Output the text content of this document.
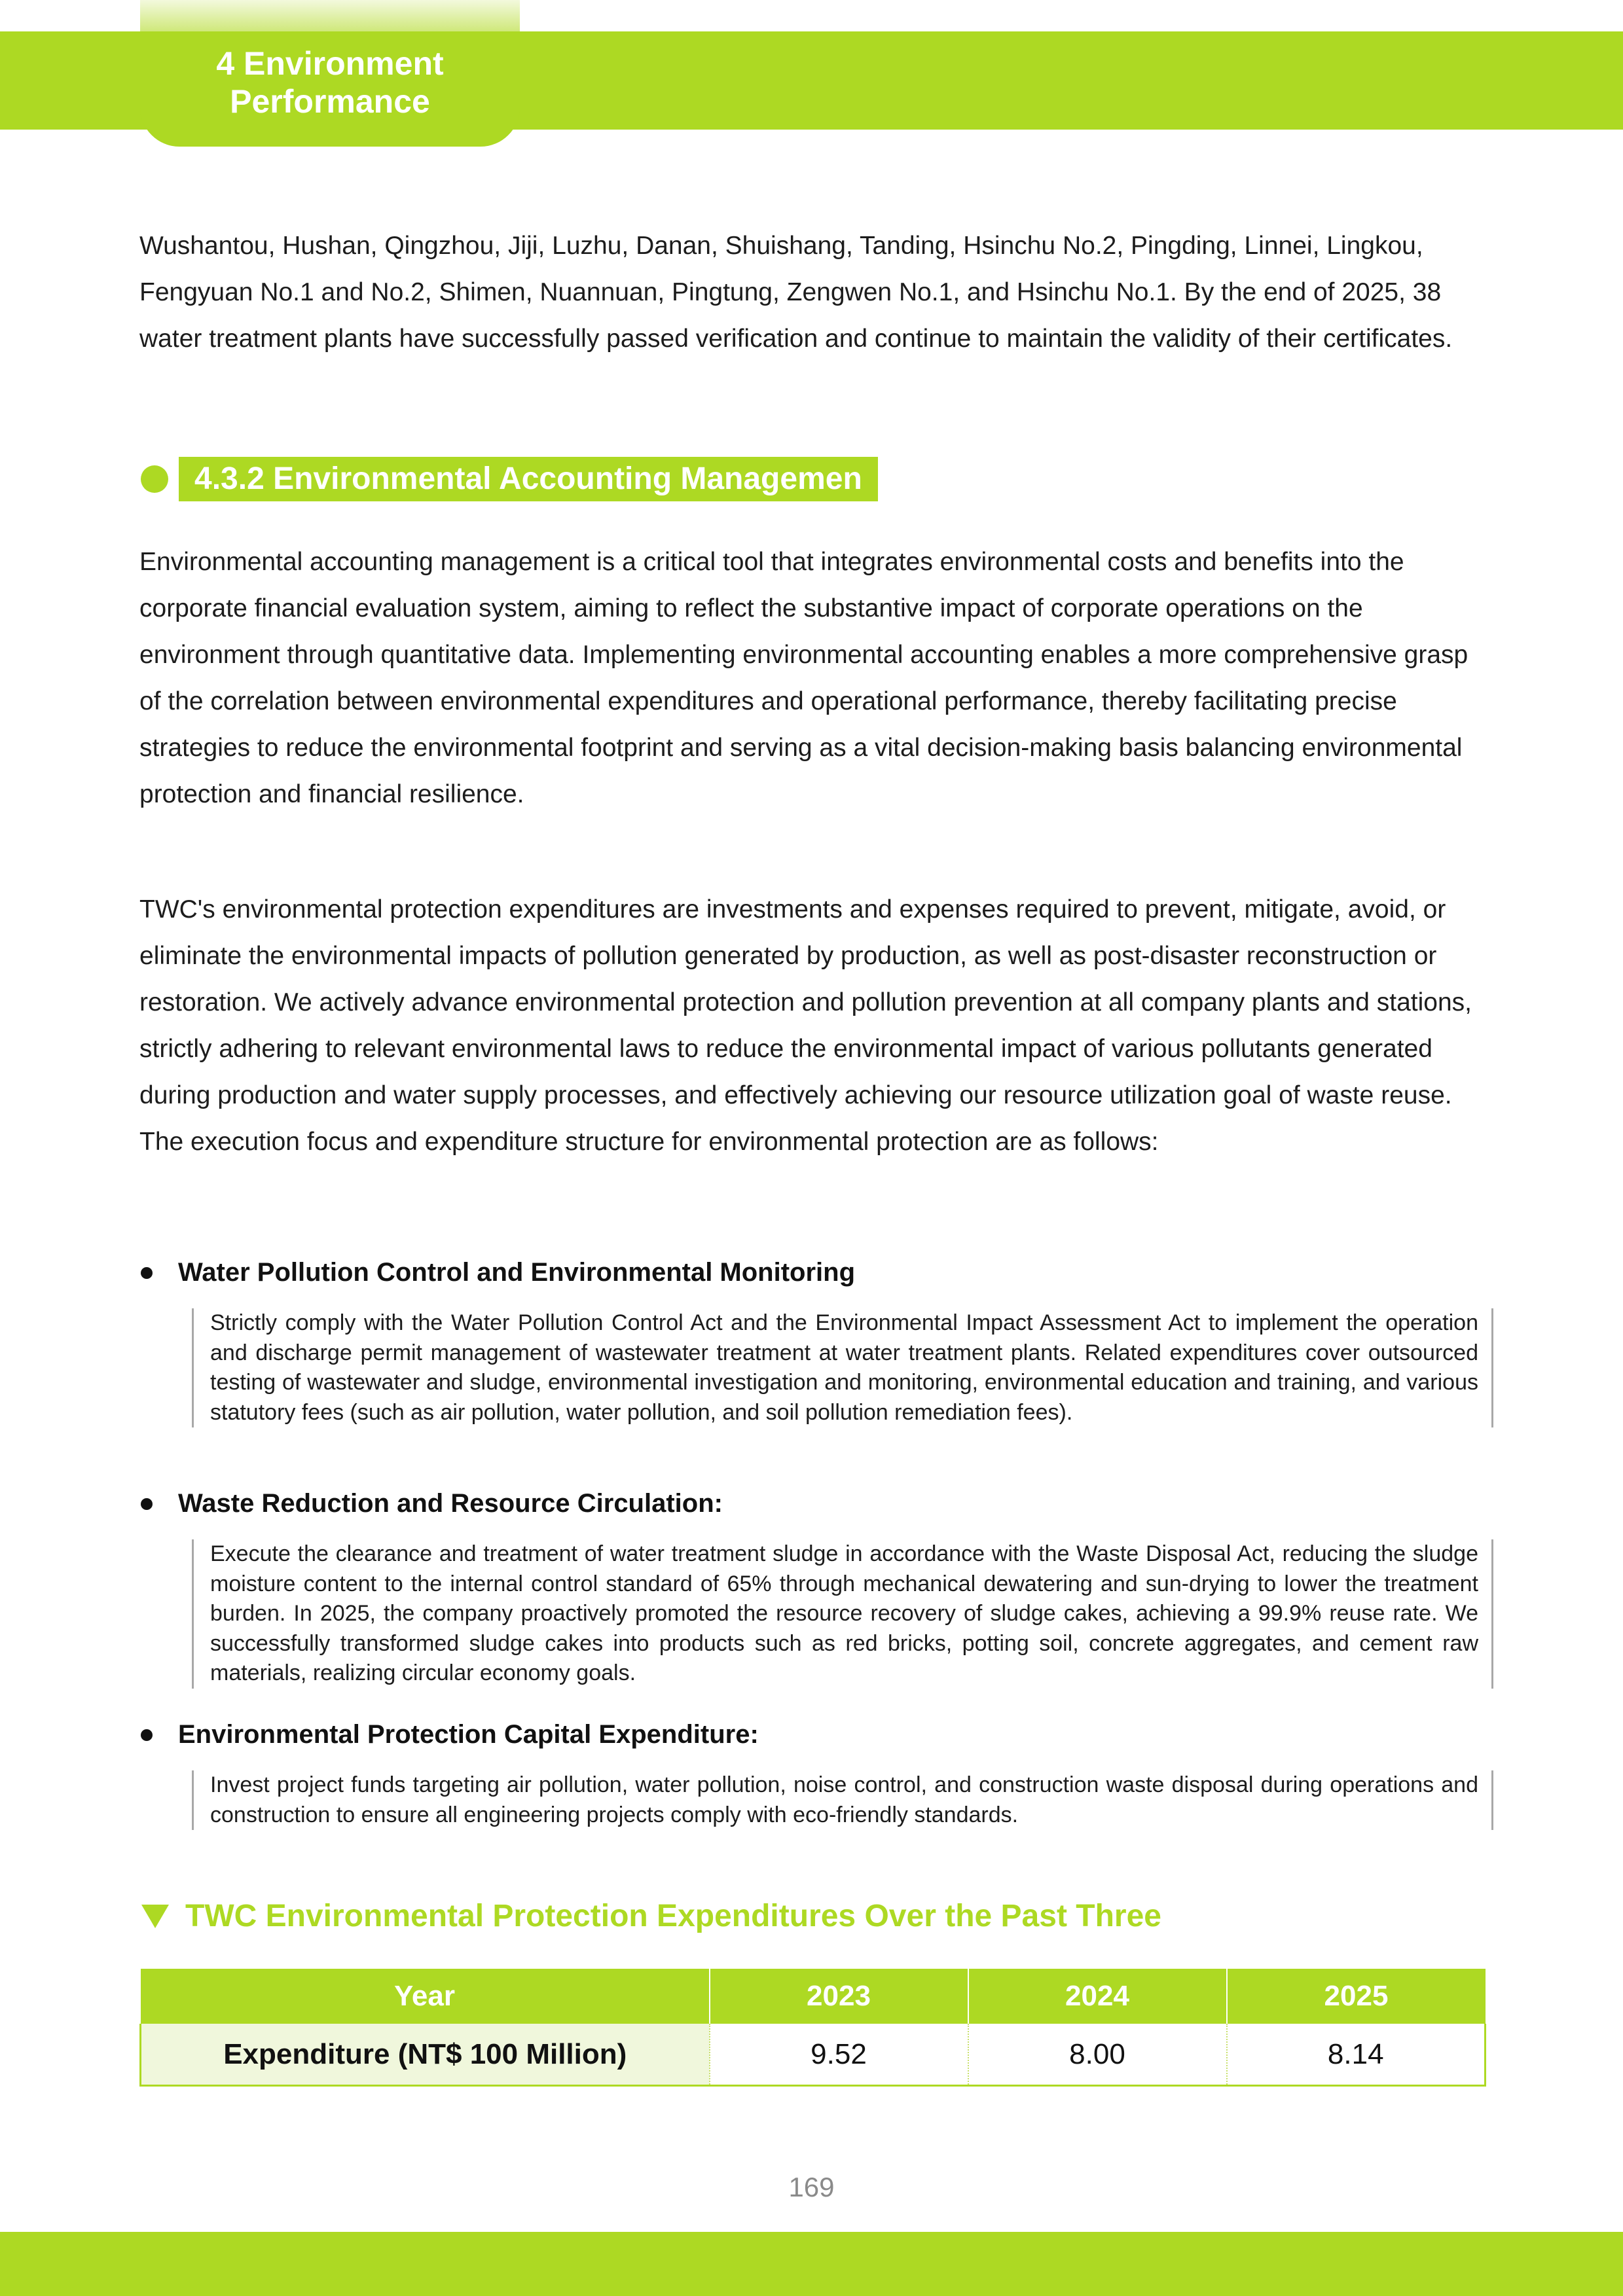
4 Environment Performance

Wushantou, Hushan, Qingzhou, Jiji, Luzhu, Danan, Shuishang, Tanding, Hsinchu No.2, Pingding, Linnei, Lingkou, Fengyuan No.1 and No.2, Shimen, Nuannuan, Pingtung, Zengwen No.1, and Hsinchu No.1. By the end of 2025, 38 water treatment plants have successfully passed verification and continue to maintain the validity of their certificates.

4.3.2 Environmental Accounting Managemen

Environmental accounting management is a critical tool that integrates environmental costs and benefits into the corporate financial evaluation system, aiming to reflect the substantive impact of corporate operations on the environment through quantitative data. Implementing environmental accounting enables a more comprehensive grasp of the correlation between environmental expenditures and operational performance, thereby facilitating precise strategies to reduce the environmental footprint and serving as a vital decision-making basis balancing environmental protection and financial resilience.

TWC's environmental protection expenditures are investments and expenses required to prevent, mitigate, avoid, or eliminate the environmental impacts of pollution generated by production, as well as post-disaster reconstruction or restoration. We actively advance environmental protection and pollution prevention at all company plants and stations, strictly adhering to relevant environmental laws to reduce the environmental impact of various pollutants generated during production and water supply processes, and effectively achieving our resource utilization goal of waste reuse. The execution focus and expenditure structure for environmental protection are as follows:

Water Pollution Control and Environmental Monitoring
Strictly comply with the Water Pollution Control Act and the Environmental Impact Assessment Act to implement the operation and discharge permit management of wastewater treatment at water treatment plants. Related expenditures cover outsourced testing of wastewater and sludge, environmental investigation and monitoring, environmental education and training, and various statutory fees (such as air pollution, water pollution, and soil pollution remediation fees).
Waste Reduction and Resource Circulation:
Execute the clearance and treatment of water treatment sludge in accordance with the Waste Disposal Act, reducing the sludge moisture content to the internal control standard of 65% through mechanical dewatering and sun-drying to lower the treatment burden. In 2025, the company proactively promoted the resource recovery of sludge cakes, achieving a 99.9% reuse rate. We successfully transformed sludge cakes into products such as red bricks, potting soil, concrete aggregates, and cement raw materials, realizing circular economy goals.
Environmental Protection Capital Expenditure:
Invest project funds targeting air pollution, water pollution, noise control, and construction waste disposal during operations and construction to ensure all engineering projects comply with eco-friendly standards.
TWC Environmental Protection Expenditures Over the Past Three
Year	2023	2024	2025
Expenditure (NT$ 100 Million)	9.52	8.00	8.14
169
